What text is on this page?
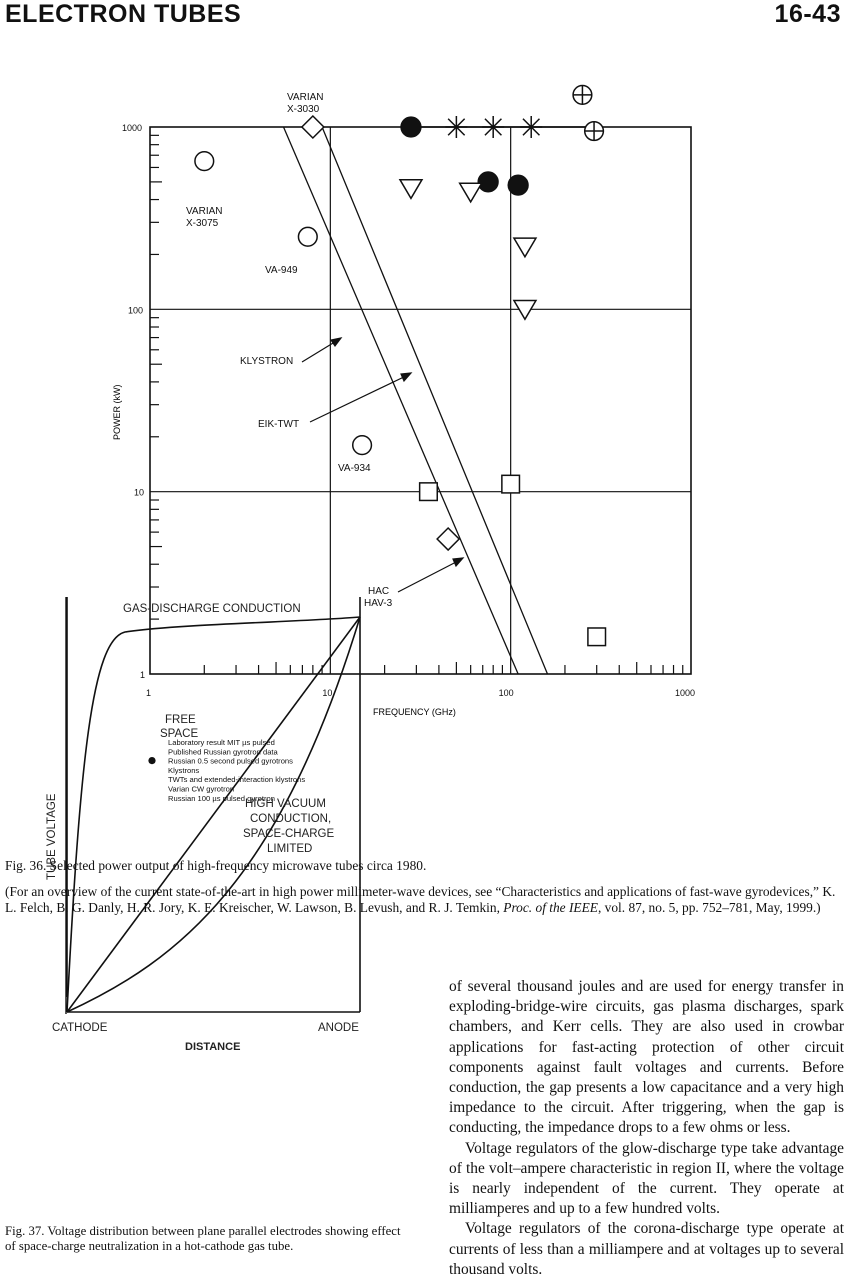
ELECTRON TUBES	16-43
1	10	100	1000
1000
100
10
1
POWER (kW)
FREQUENCY (GHz)
VARIAN
X-3030
VARIAN
X-3075
VA-949
KLYSTRON
EIK-TWT
VA-934
HAC
HAV-3
Laboratory result MIT µs pulsed
Published Russian gyrotron data
Russian 0.5 second pulsed gyrotrons
Klystrons
TWTs and extended-interaction klystrons
Varian CW gyrotron
Russian 100 µs pulsed gyrotron
Fig. 36. Selected power output of high-frequency microwave tubes circa 1980.
(For an overview of the current state-of-the-art in high power millimeter-wave devices, see “Characteristics and applications of fast-wave gyrodevices,” K. L. Felch, B. G. Danly, H. R. Jory, K. E. Kreischer, W. Lawson, B. Levush, and R. J. Temkin, Proc. of the IEEE, vol. 87, no. 5, pp. 752–781, May, 1999.)
GAS-DISCHARGE CONDUCTION
FREE
SPACE
HIGH VACUUM
CONDUCTION,
SPACE-CHARGE
LIMITED
TUBE VOLTAGE
CATHODE	ANODE
DISTANCE
Fig. 37. Voltage distribution between plane parallel electrodes showing effect of space-charge neutralization in a hot-cathode gas tube.

of several thousand joules and are used for energy transfer in exploding-bridge-wire circuits, gas plasma discharges, spark chambers, and Kerr cells. They are also used in crowbar applications for fast-acting protection of other circuit components against fault voltages and currents. Before conduction, the gap presents a low capacitance and a very high impedance to the circuit. After triggering, when the gap is conducting, the impedance drops to a few ohms or less.

Voltage regulators of the glow-discharge type take advantage of the volt–ampere characteristic in region II, where the voltage is nearly independent of the current. They operate at milliamperes and up to a few hundred volts.

Voltage regulators of the corona-discharge type operate at currents of less than a milliampere and at voltages up to several thousand volts.
